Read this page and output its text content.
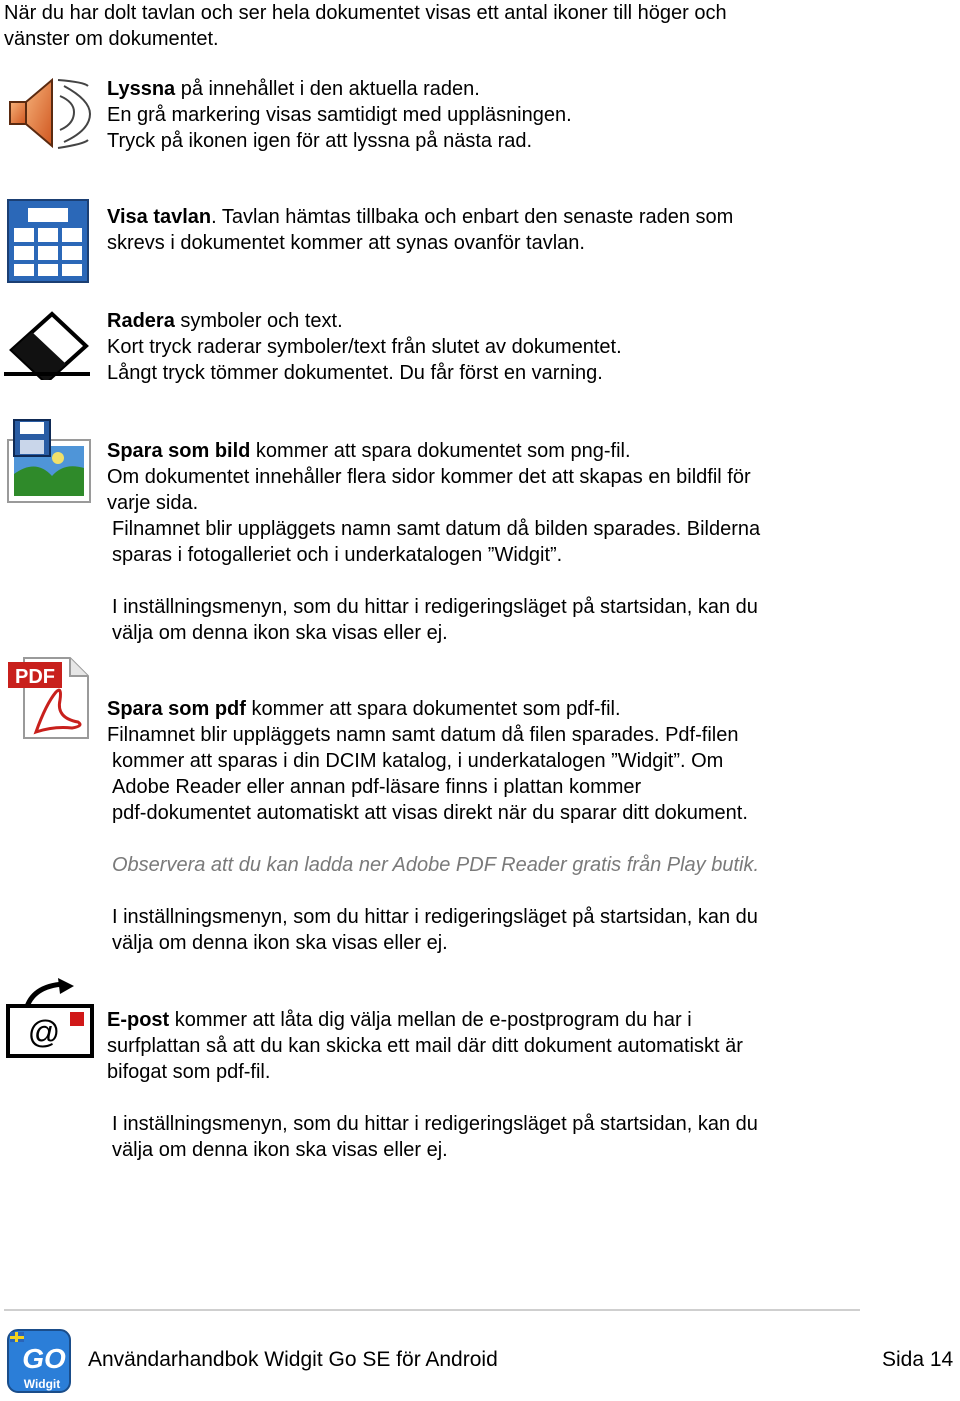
När du har dolt tavlan och ser hela dokumentet visas ett antal ikoner till höger och
vänster om dokumentet.
Lyssna på innehållet i den aktuella raden.
En grå markering visas samtidigt med uppläsningen.
Tryck på ikonen igen för att lyssna på nästa rad.
Visa tavlan. Tavlan hämtas tillbaka och enbart den senaste raden som
skrevs i dokumentet kommer att synas ovanför tavlan.
Radera symboler och text.
Kort tryck raderar symboler/text från slutet av dokumentet.
Långt tryck tömmer dokumentet. Du får först en varning.
Spara som bild kommer att spara dokumentet som png-fil.
Om dokumentet innehåller flera sidor kommer det att skapas en bildfil för
varje sida.
Filnamnet blir uppläggets namn samt datum då bilden sparades. Bilderna
sparas i fotogalleriet och i underkatalogen ”Widgit”.
I inställningsmenyn, som du hittar i redigeringsläget på startsidan, kan du
välja om denna ikon ska visas eller ej.
PDF
Spara som pdf kommer att spara dokumentet som pdf-fil.
Filnamnet blir uppläggets namn samt datum då filen sparades. Pdf-filen
kommer att sparas i din DCIM katalog, i underkatalogen ”Widgit”. Om
Adobe Reader eller annan pdf-läsare finns i plattan kommer
pdf-dokumentet automatiskt att visas direkt när du sparar ditt dokument.
Observera att du kan ladda ner Adobe PDF Reader gratis från Play butik.
I inställningsmenyn, som du hittar i redigeringsläget på startsidan, kan du
välja om denna ikon ska visas eller ej.
@ E-post kommer att låta dig välja mellan de e-postprogram du har i
surfplattan så att du kan skicka ett mail där ditt dokument automatiskt är
bifogat som pdf-fil.
I inställningsmenyn, som du hittar i redigeringsläget på startsidan, kan du
välja om denna ikon ska visas eller ej.
GO
Widgit
Användarhandbok Widgit Go SE för Android	Sida 14
